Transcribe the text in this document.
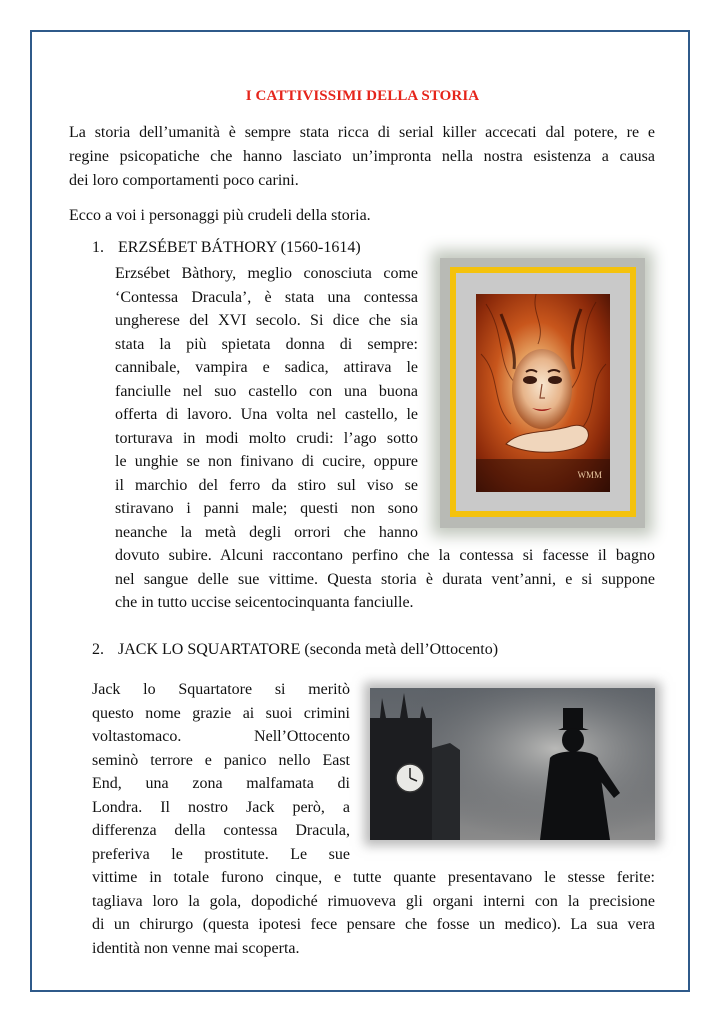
I CATTIVISSIMI DELLA STORIA

La storia dell’umanità è sempre stata ricca di serial killer accecati dal potere, re e

regine psicopatiche che hanno lasciato un’impronta nella nostra esistenza a causa

dei loro comportamenti poco carini.

Ecco a voi i personaggi più crudeli della storia.

1. ERZSÉBET BÁTHORY (1560-1614)

Erzsébet Bàthory, meglio conosciuta come

‘Contessa Dracula’, è stata una contessa

ungherese del XVI secolo. Si dice che sia

stata la più spietata donna di sempre:

cannibale, vampira e sadica, attirava le

fanciulle nel suo castello con una buona

offerta di lavoro. Una volta nel castello, le

torturava in modi molto crudi: l’ago sotto

le unghie se non finivano di cucire, oppure

il marchio del ferro da stiro sul viso se

stiravano i panni male; questi non sono

neanche la metà degli orrori che hanno

dovuto subire. Alcuni raccontano perfino che la contessa si facesse il bagno

nel sangue delle sue vittime. Questa storia è durata vent’anni, e si suppone

che in tutto uccise seicentocinquanta fanciulle.

WMM
2. JACK LO SQUARTATORE (seconda metà dell’Ottocento)

Jack lo Squartatore si meritò

questo nome grazie ai suoi crimini

voltastomaco. Nell’Ottocento

seminò terrore e panico nello East

End, una zona malfamata di

Londra. Il nostro Jack però, a

differenza della contessa Dracula,

preferiva le prostitute. Le sue

vittime in totale furono cinque, e tutte quante presentavano le stesse ferite:

tagliava loro la gola, dopodiché rimuoveva gli organi interni con la precisione

di un chirurgo (questa ipotesi fece pensare che fosse un medico). La sua vera

identità non venne mai scoperta.
